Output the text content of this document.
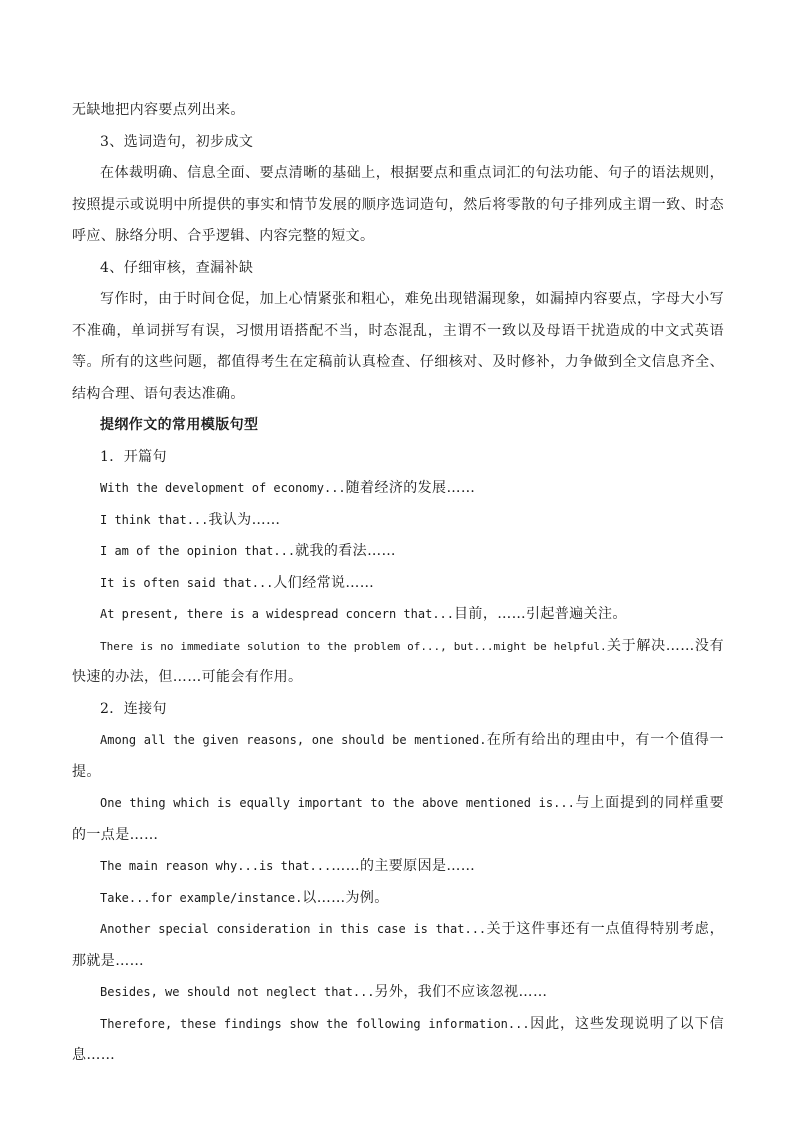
无缺地把内容要点列出来。

3、选词造句，初步成文

在体裁明确、信息全面、要点清晰的基础上，根据要点和重点词汇的句法功能、句子的语法规则，按照提示或说明中所提供的事实和情节发展的顺序选词造句，然后将零散的句子排列成主谓一致、时态呼应、脉络分明、合乎逻辑、内容完整的短文。

4、仔细审核，查漏补缺

写作时，由于时间仓促，加上心情紧张和粗心，难免出现错漏现象，如漏掉内容要点，字母大小写不准确，单词拼写有误，习惯用语搭配不当，时态混乱，主谓不一致以及母语干扰造成的中文式英语等。所有的这些问题，都值得考生在定稿前认真检查、仔细核对、及时修补，力争做到全文信息齐全、结构合理、语句表达准确。

提纲作文的常用模版句型

1．开篇句

With the development of economy...随着经济的发展……

I think that...我认为……

I am of the opinion that...就我的看法……

It is often said that...人们经常说……

At present, there is a widespread concern that...目前，……引起普遍关注。

There is no immediate solution to the problem of..., but...might be helpful.关于解决……没有快速的办法，但……可能会有作用。

2．连接句

Among all the given reasons, one should be mentioned.在所有给出的理由中，有一个值得一提。

One thing which is equally important to the above mentioned is...与上面提到的同样重要的一点是……

The main reason why...is that...……的主要原因是……

Take...for example/instance.以……为例。

Another special consideration in this case is that...关于这件事还有一点值得特别考虑，那就是……

Besides, we should not neglect that...另外，我们不应该忽视……

Therefore, these findings show the following information...因此，这些发现说明了以下信息……
